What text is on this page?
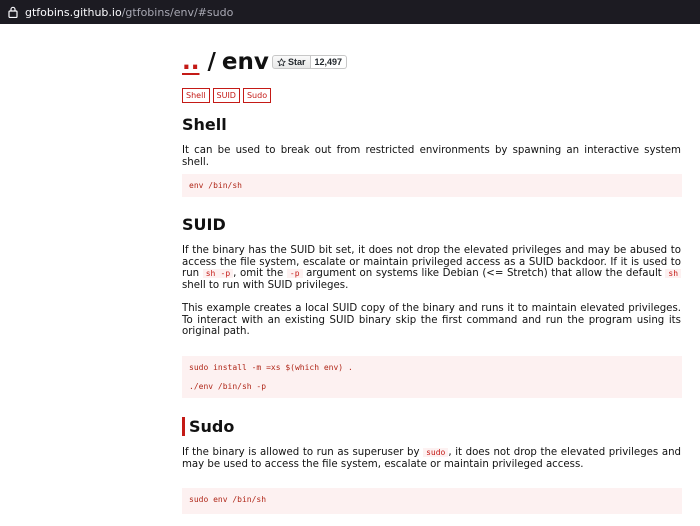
gtfobins.github.io/gtfobins/env/#sudo
.. / env Star	12,497
Shell	SUID	Sudo
Shell

It can be used to break out from restricted environments by spawning an interactive system shell.

env /bin/sh
SUID

If the binary has the SUID bit set, it does not drop the elevated privileges and may be abused to access the file system, escalate or maintain privileged access as a SUID backdoor. If it is used to run sh -p , omit the -p argument on systems like Debian (<= Stretch) that allow the default sh shell to run with SUID privileges.

This example creates a local SUID copy of the binary and runs it to maintain elevated privileges. To interact with an existing SUID binary skip the first command and run the program using its original path.

sudo install -m =xs $(which env) .
./env /bin/sh -p
Sudo

If the binary is allowed to run as superuser by sudo , it does not drop the elevated privileges and may be used to access the file system, escalate or maintain privileged access.

sudo env /bin/sh
